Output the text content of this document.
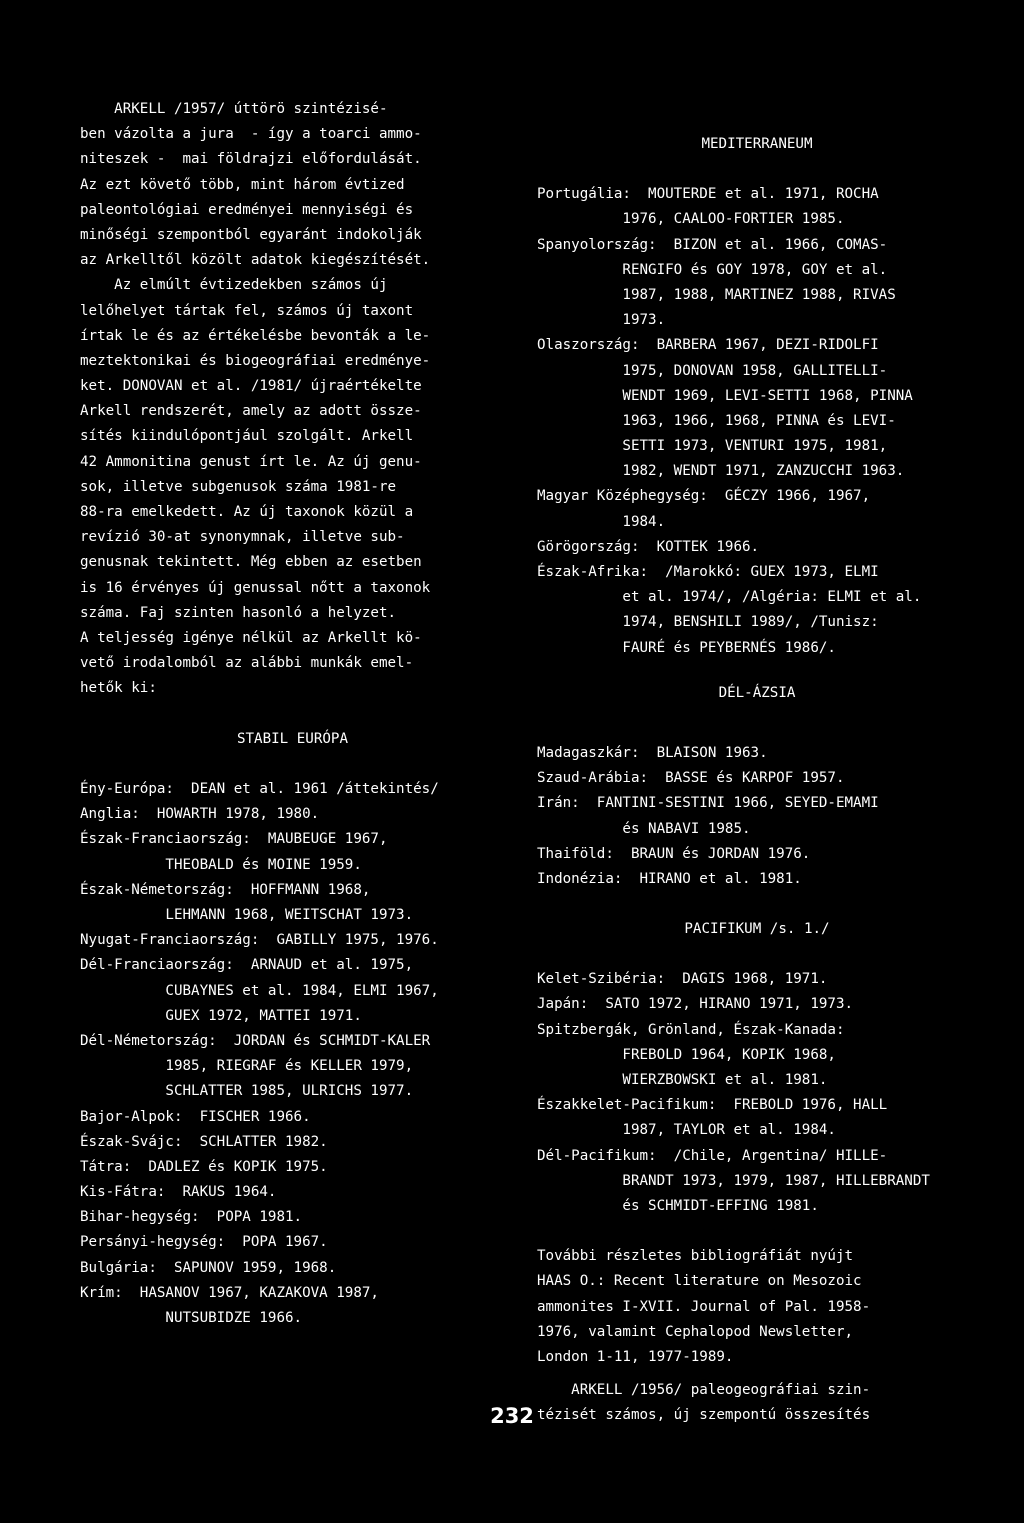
ARKELL /1957/ úttörö szintézisé-
ben vázolta a jura  - így a toarci ammo-
niteszek -  mai földrajzi előfordulását.
Az ezt követő több, mint három évtized
paleontológiai eredményei mennyiségi és
minőségi szempontból egyaránt indokolják
az Arkelltől közölt adatok kiegészítését.
Az elmúlt évtizedekben számos új
lelőhelyet tártak fel, számos új taxont
írtak le és az értékelésbe bevonták a le-
meztektonikai és biogeográfiai eredménye-
ket. DONOVAN et al. /1981/ újraértékelte
Arkell rendszerét, amely az adott össze-
sítés kiindulópontjául szolgált. Arkell
42 Ammonitina genust írt le. Az új genu-
sok, illetve subgenusok száma 1981-re
88-ra emelkedett. Az új taxonok közül a
revízió 30-at synonymnak, illetve sub-
genusnak tekintett. Még ebben az esetben
is 16 érvényes új genussal nőtt a taxonok
száma. Faj szinten hasonló a helyzet.
A teljesség igénye nélkül az Arkellt kö-
vető irodalomból az alábbi munkák emel-
hetők ki:
STABIL EURÓPA
Ény-Európa:  DEAN et al. 1961 /áttekintés/
Anglia:  HOWARTH 1978, 1980.
Észak-Franciaország:  MAUBEUGE 1967,
THEOBALD és MOINE 1959.
Észak-Németország:  HOFFMANN 1968,
LEHMANN 1968, WEITSCHAT 1973.
Nyugat-Franciaország:  GABILLY 1975, 1976.
Dél-Franciaország:  ARNAUD et al. 1975,
CUBAYNES et al. 1984, ELMI 1967,
GUEX 1972, MATTEI 1971.
Dél-Németország:  JORDAN és SCHMIDT-KALER
1985, RIEGRAF és KELLER 1979,
SCHLATTER 1985, ULRICHS 1977.
Bajor-Alpok:  FISCHER 1966.
Észak-Svájc:  SCHLATTER 1982.
Tátra:  DADLEZ és KOPIK 1975.
Kis-Fátra:  RAKUS 1964.
Bihar-hegység:  POPA 1981.
Persányi-hegység:  POPA 1967.
Bulgária:  SAPUNOV 1959, 1968.
Krím:  HASANOV 1967, KAZAKOVA 1987,
NUTSUBIDZE 1966.
MEDITERRANEUM
Portugália:  MOUTERDE et al. 1971, ROCHA
1976, CAALOO-FORTIER 1985.
Spanyolország:  BIZON et al. 1966, COMAS-
RENGIFO és GOY 1978, GOY et al.
1987, 1988, MARTINEZ 1988, RIVAS
1973.
Olaszország:  BARBERA 1967, DEZI-RIDOLFI
1975, DONOVAN 1958, GALLITELLI-
WENDT 1969, LEVI-SETTI 1968, PINNA
1963, 1966, 1968, PINNA és LEVI-
SETTI 1973, VENTURI 1975, 1981,
1982, WENDT 1971, ZANZUCCHI 1963.
Magyar Középhegység:  GÉCZY 1966, 1967,
1984.
Görögország:  KOTTEK 1966.
Észak-Afrika:  /Marokkó: GUEX 1973, ELMI
et al. 1974/, /Algéria: ELMI et al.
1974, BENSHILI 1989/, /Tunisz:
FAURÉ és PEYBERNÉS 1986/.
DÉL-ÁZSIA
Madagaszkár:  BLAISON 1963.
Szaud-Arábia:  BASSE és KARPOF 1957.
Irán:  FANTINI-SESTINI 1966, SEYED-EMAMI
és NABAVI 1985.
Thaiföld:  BRAUN és JORDAN 1976.
Indonézia:  HIRANO et al. 1981.
PACIFIKUM /s. 1./
Kelet-Szibéria:  DAGIS 1968, 1971.
Japán:  SATO 1972, HIRANO 1971, 1973.
Spitzbergák, Grönland, Észak-Kanada:
FREBOLD 1964, KOPIK 1968,
WIERZBOWSKI et al. 1981.
Északkelet-Pacifikum:  FREBOLD 1976, HALL
1987, TAYLOR et al. 1984.
Dél-Pacifikum:  /Chile, Argentina/ HILLE-
BRANDT 1973, 1979, 1987, HILLEBRANDT
és SCHMIDT-EFFING 1981.
További részletes bibliográfiát nyújt
HAAS O.: Recent literature on Mesozoic
ammonites I-XVII. Journal of Pal. 1958-
1976, valamint Cephalopod Newsletter,
London 1-11, 1977-1989.
ARKELL /1956/ paleogeográfiai szin-
tézisét számos, új szempontú összesítés
232
